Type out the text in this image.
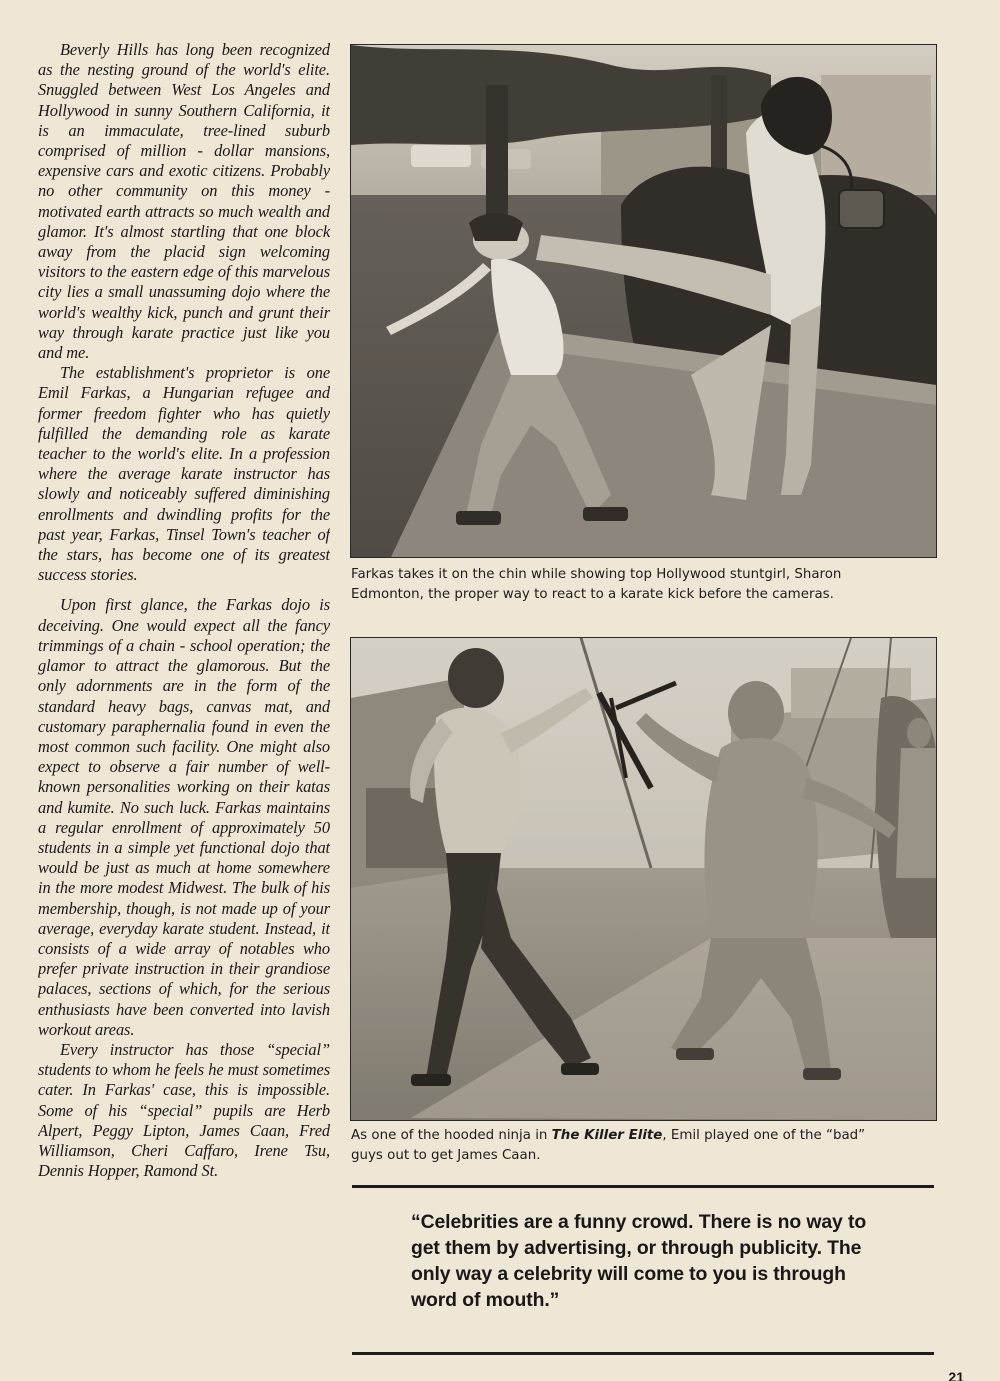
Beverly Hills has long been recognized as the nesting ground of the world's elite. Snuggled between West Los Angeles and Hollywood in sunny Southern California, it is an immaculate, tree-lined suburb comprised of million - dollar mansions, expensive cars and exotic citizens. Probably no other community on this money - motivated earth attracts so much wealth and glamor. It's almost startling that one block away from the placid sign welcoming visitors to the eastern edge of this marvelous city lies a small unassuming dojo where the world's wealthy kick, punch and grunt their way through karate practice just like you and me.

The establishment's proprietor is one Emil Farkas, a Hungarian refugee and former freedom fighter who has quietly fulfilled the demanding role as karate teacher to the world's elite. In a profession where the average karate instructor has slowly and noticeably suffered diminishing enrollments and dwindling profits for the past year, Farkas, Tinsel Town's teacher of the stars, has become one of its greatest success stories.

Upon first glance, the Farkas dojo is deceiving. One would expect all the fancy trimmings of a chain - school operation; the glamor to attract the glamorous. But the only adornments are in the form of the standard heavy bags, canvas mat, and customary paraphernalia found in even the most common such facility. One might also expect to observe a fair number of well-known personalities working on their katas and kumite. No such luck. Farkas maintains a regular enrollment of approximately 50 students in a simple yet functional dojo that would be just as much at home somewhere in the more modest Midwest. The bulk of his membership, though, is not made up of your average, everyday karate student. Instead, it consists of a wide array of notables who prefer private instruction in their grandiose palaces, sections of which, for the serious enthusiasts have been converted into lavish workout areas.

Every instructor has those “special” students to whom he feels he must sometimes cater. In Farkas' case, this is impossible. Some of his “special” pupils are Herb Alpert, Peggy Lipton, James Caan, Fred Williamson, Cheri Caffaro, Irene Tsu, Dennis Hopper, Ramond St.

Farkas takes it on the chin while showing top Hollywood stuntgirl, Sharon Edmonton, the proper way to react to a karate kick before the cameras.
As one of the hooded ninja in The Killer Elite, Emil played one of the “bad” guys out to get James Caan.
“Celebrities are a funny crowd. There is no way to get them by advertising, or through publicity. The only way a celebrity will come to you is through word of mouth.”
21
